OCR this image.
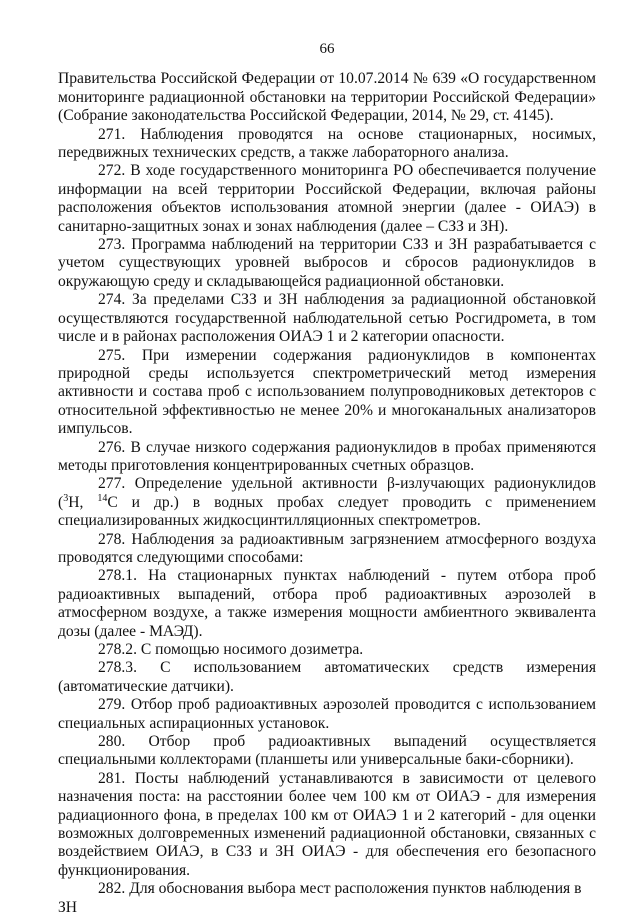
66

Правительства Российской Федерации от 10.07.2014 № 639 «О государственном мониторинге радиационной обстановки на территории Российской Федерации» (Собрание законодательства Российской Федерации, 2014, № 29, ст. 4145).

271. Наблюдения проводятся на основе стационарных, носимых, передвижных технических средств, а также лабораторного анализа.

272. В ходе государственного мониторинга РО обеспечивается получение информации на всей территории Российской Федерации, включая районы расположения объектов использования атомной энергии (далее - ОИАЭ) в санитарно-защитных зонах и зонах наблюдения (далее – СЗЗ и ЗН).

273. Программа наблюдений на территории СЗЗ и ЗН разрабатывается с учетом существующих уровней выбросов и сбросов радионуклидов в окружающую среду и складывающейся радиационной обстановки.

274. За пределами СЗЗ и ЗН наблюдения за радиационной обстановкой осуществляются государственной наблюдательной сетью Росгидромета, в том числе и в районах расположения ОИАЭ 1 и 2 категории опасности.

275. При измерении содержания радионуклидов в компонентах природной среды используется спектрометрический метод измерения активности и состава проб с использованием полупроводниковых детекторов с относительной эффективностью не менее 20% и многоканальных анализаторов импульсов.

276. В случае низкого содержания радионуклидов в пробах применяются методы приготовления концентрированных счетных образцов.

277. Определение удельной активности β-излучающих радионуклидов ($^3$H, $^{14}$C и др.) в водных пробах следует проводить с применением специализированных жидкосцинтилляционных спектрометров.

278. Наблюдения за радиоактивным загрязнением атмосферного воздуха проводятся следующими способами:

278.1. На стационарных пунктах наблюдений - путем отбора проб радиоактивных выпадений, отбора проб радиоактивных аэрозолей в атмосферном воздухе, а также измерения мощности амбиентного эквивалента дозы (далее - МАЭД).

278.2. С помощью носимого дозиметра.

278.3. С использованием автоматических средств измерения (автоматические датчики).

279. Отбор проб радиоактивных аэрозолей проводится с использованием специальных аспирационных установок.

280. Отбор проб радиоактивных выпадений осуществляется специальными коллекторами (планшеты или универсальные баки-сборники).

281. Посты наблюдений устанавливаются в зависимости от целевого назначения поста: на расстоянии более чем 100 км от ОИАЭ - для измерения радиационного фона, в пределах 100 км от ОИАЭ 1 и 2 категорий - для оценки возможных долговременных изменений радиационной обстановки, связанных с воздействием ОИАЭ, в СЗЗ и ЗН ОИАЭ - для обеспечения его безопасного функционирования.

282. Для обоснования выбора мест расположения пунктов наблюдения в ЗН
